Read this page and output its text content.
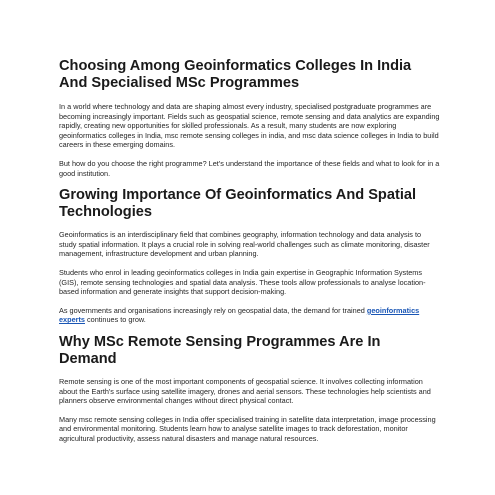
Choosing Among Geoinformatics Colleges In India And Specialised MSc Programmes

In a world where technology and data are shaping almost every industry, specialised postgraduate programmes are becoming increasingly important. Fields such as geospatial science, remote sensing and data analytics are expanding rapidly, creating new opportunities for skilled professionals. As a result, many students are now exploring geoinformatics colleges in India, msc remote sensing colleges in india, and msc data science colleges in India to build careers in these emerging domains.

But how do you choose the right programme? Let's understand the importance of these fields and what to look for in a good institution.

Growing Importance Of Geoinformatics And Spatial Technologies

Geoinformatics is an interdisciplinary field that combines geography, information technology and data analysis to study spatial information. It plays a crucial role in solving real-world challenges such as climate monitoring, disaster management, infrastructure development and urban planning.

Students who enrol in leading geoinformatics colleges in India gain expertise in Geographic Information Systems (GIS), remote sensing technologies and spatial data analysis. These tools allow professionals to analyse location-based information and generate insights that support decision-making.

As governments and organisations increasingly rely on geospatial data, the demand for trained geoinformatics experts continues to grow.

Why MSc Remote Sensing Programmes Are In Demand

Remote sensing is one of the most important components of geospatial science. It involves collecting information about the Earth's surface using satellite imagery, drones and aerial sensors. These technologies help scientists and planners observe environmental changes without direct physical contact.

Many msc remote sensing colleges in India offer specialised training in satellite data interpretation, image processing and environmental monitoring. Students learn how to analyse satellite images to track deforestation, monitor agricultural productivity, assess natural disasters and manage natural resources.
